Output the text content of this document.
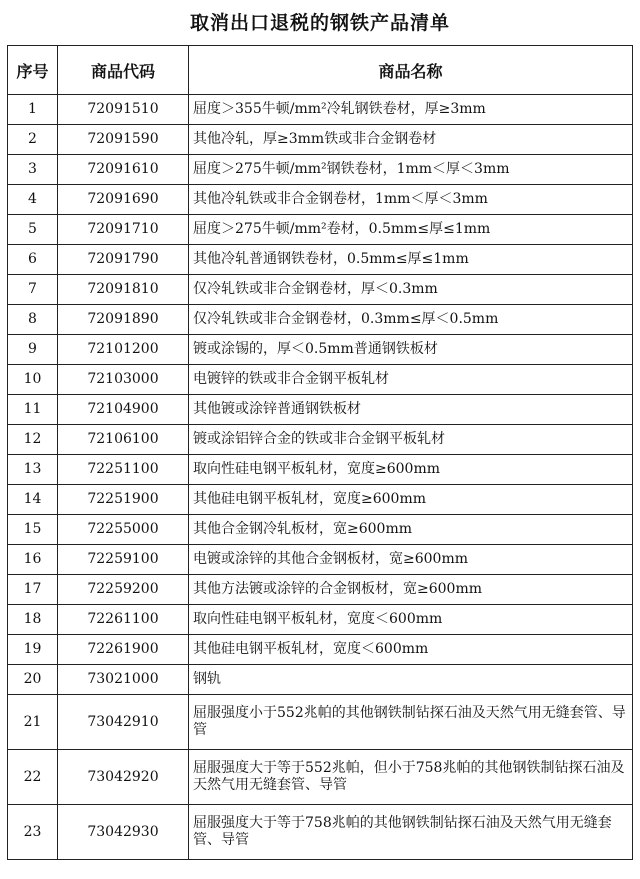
取消出口退税的钢铁产品清单
序号	商品代码	商品名称
1	72091510	屈度＞355牛顿/mm²冷轧钢铁卷材，厚≥3mm
2	72091590	其他冷轧，厚≥3mm铁或非合金钢卷材
3	72091610	屈度＞275牛顿/mm²钢铁卷材，1mm＜厚＜3mm
4	72091690	其他冷轧铁或非合金钢卷材，1mm＜厚＜3mm
5	72091710	屈度＞275牛顿/mm²卷材，0.5mm≤厚≤1mm
6	72091790	其他冷轧普通钢铁卷材，0.5mm≤厚≤1mm
7	72091810	仅冷轧铁或非合金钢卷材，厚＜0.3mm
8	72091890	仅冷轧铁或非合金钢卷材，0.3mm≤厚＜0.5mm
9	72101200	镀或涂锡的，厚＜0.5mm普通钢铁板材
10	72103000	电镀锌的铁或非合金钢平板轧材
11	72104900	其他镀或涂锌普通钢铁板材
12	72106100	镀或涂铝锌合金的铁或非合金钢平板轧材
13	72251100	取向性硅电钢平板轧材，宽度≥600mm
14	72251900	其他硅电钢平板轧材，宽度≥600mm
15	72255000	其他合金钢冷轧板材，宽≥600mm
16	72259100	电镀或涂锌的其他合金钢板材，宽≥600mm
17	72259200	其他方法镀或涂锌的合金钢板材，宽≥600mm
18	72261100	取向性硅电钢平板轧材，宽度＜600mm
19	72261900	其他硅电钢平板轧材，宽度＜600mm
20	73021000	钢轨
21	73042910	屈服强度小于552兆帕的其他钢铁制钻探石油及天然气用无缝套管、导管
22	73042920	屈服强度大于等于552兆帕，但小于758兆帕的其他钢铁制钻探石油及天然气用无缝套管、导管
23	73042930	屈服强度大于等于758兆帕的其他钢铁制钻探石油及天然气用无缝套管、导管
